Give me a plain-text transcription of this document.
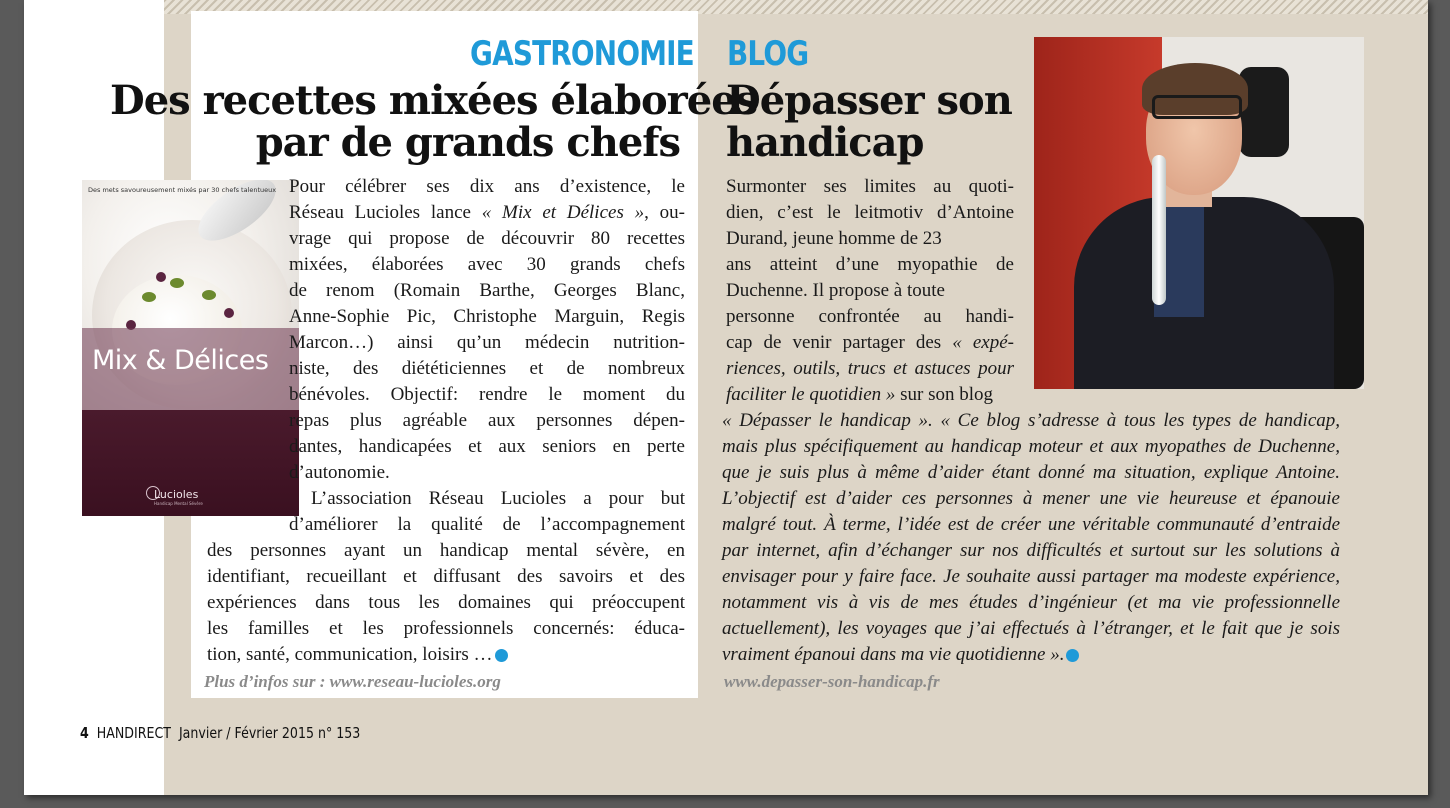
GASTRONOMIE
Des recettes mixées élaborées
par de grands chefs
Des mets savoureusement mixés par 30 chefs talentueux
Mix & Délices
Lucioles
Handicap Mental Sévère
Pour célébrer ses dix ans d’existence, le
Réseau Lucioles lance « Mix et Délices », ou-
vrage qui propose de découvrir 80 recettes
mixées, élaborées avec 30 grands chefs
de renom (Romain Barthe, Georges Blanc,
Anne-Sophie Pic, Christophe Marguin, Regis
Marcon…) ainsi qu’un médecin nutrition-
niste, des diététiciennes et de nombreux
bénévoles. Objectif: rendre le moment du
repas plus agréable aux personnes dépen-
dantes, handicapées et aux seniors en perte
d’autonomie.
L’association Réseau Lucioles a pour but
d’améliorer la qualité de l’accompagnement
des personnes ayant un handicap mental sévère, en
identifiant, recueillant et diffusant des savoirs et des
expériences dans tous les domaines qui préoccupent
les familles et les professionnels concernés: éduca-
tion, santé, communication, loisirs …
Plus d’infos sur : www.reseau-lucioles.org
BLOG
Dépasser son
handicap
Surmonter ses limites au quoti-
dien, c’est le leitmotiv d’Antoine
Durand, jeune homme de 23
ans atteint d’une myopathie de
Duchenne. Il propose à toute
personne confrontée au handi-
cap de venir partager des « expé-
riences, outils, trucs et astuces pour
faciliter le quotidien » sur son blog
« Dépasser le handicap ». « Ce blog s’adresse à tous les types de handicap,
mais plus spécifiquement au handicap moteur et aux myopathes de Duchenne,
que je suis plus à même d’aider étant donné ma situation, explique Antoine.
L’objectif est d’aider ces personnes à mener une vie heureuse et épanouie
malgré tout. À terme, l’idée est de créer une véritable communauté d’entraide
par internet, afin d’échanger sur nos difficultés et surtout sur les solutions à
envisager pour y faire face. Je souhaite aussi partager ma modeste expérience,
notamment vis à vis de mes études d’ingénieur (et ma vie professionnelle
actuellement), les voyages que j’ai effectués à l’étranger, et le fait que je sois
vraiment épanoui dans ma vie quotidienne ».
www.depasser-son-handicap.fr
4 HANDIRECT Janvier / Février 2015 n° 153
